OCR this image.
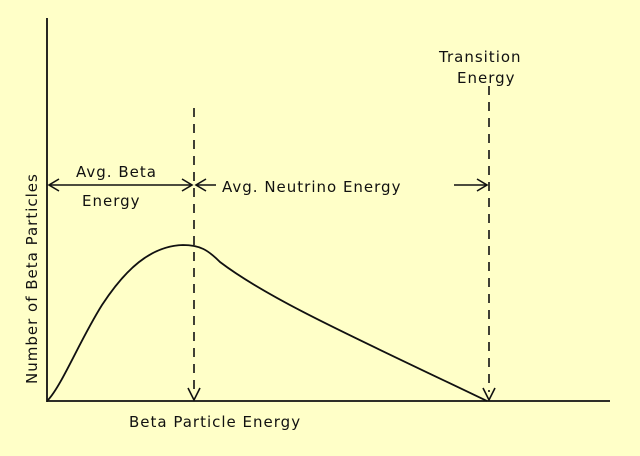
Avg. Beta
Energy
Avg. Neutrino Energy
Transition
Energy
Beta Particle Energy
Number of Beta Particles
